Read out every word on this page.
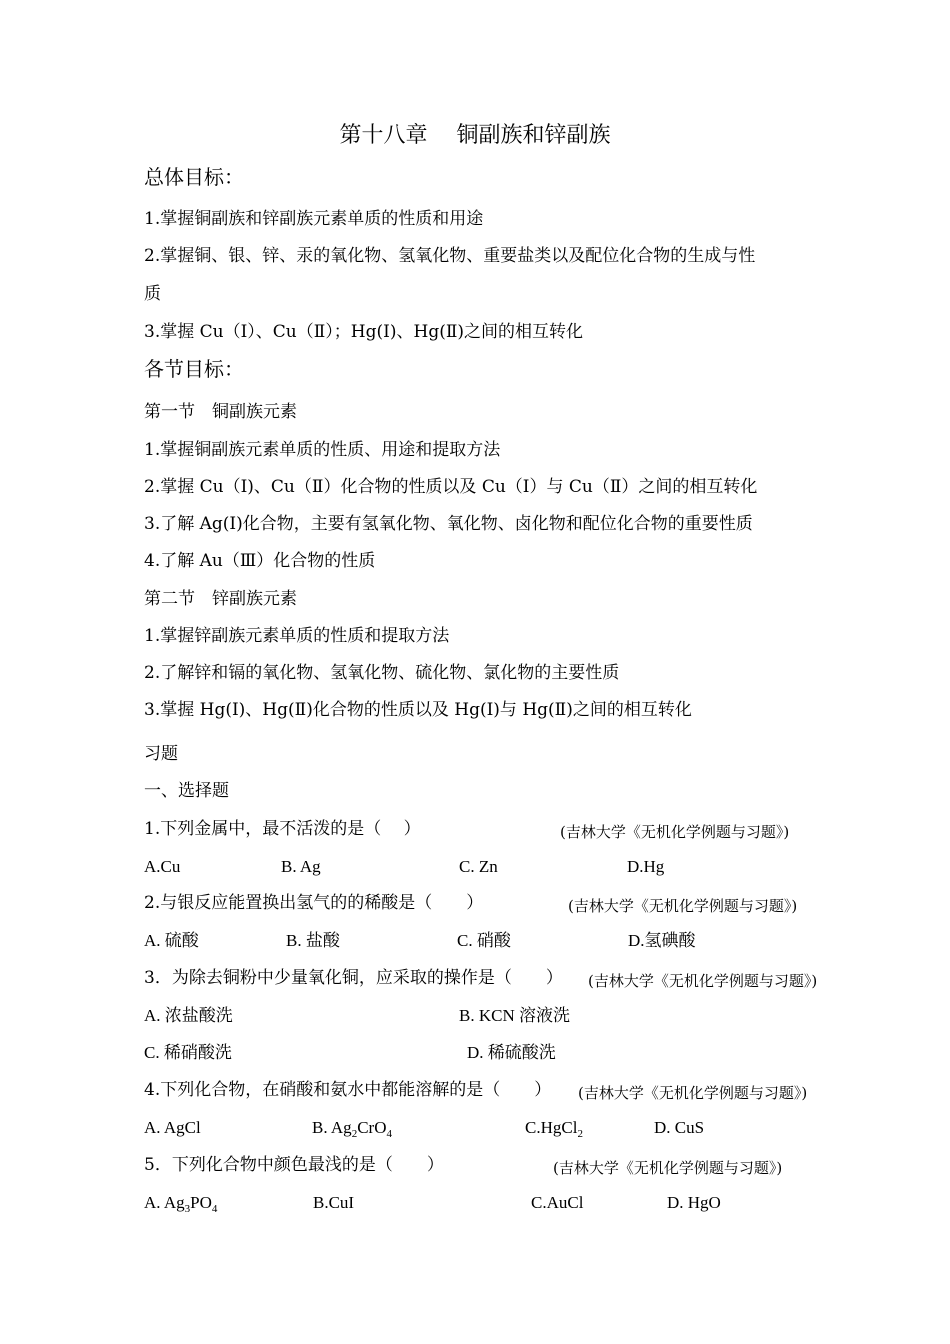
第十八章　 铜副族和锌副族
总体目标：
1.掌握铜副族和锌副族元素单质的性质和用途
2.掌握铜、银、锌、汞的氧化物、氢氧化物、重要盐类以及配位化合物的生成与性
质
3.掌握 Cu（Ⅰ）、Cu（Ⅱ）；Hg(Ⅰ)、Hg(Ⅱ)之间的相互转化
各节目标：
第一节　铜副族元素
1.掌握铜副族元素单质的性质、用途和提取方法
2.掌握 Cu（Ⅰ)、Cu（Ⅱ）化合物的性质以及 Cu（Ⅰ）与 Cu（Ⅱ）之间的相互转化
3.了解 Ag(Ⅰ)化合物，主要有氢氧化物、氧化物、卤化物和配位化合物的重要性质
4.了解 Au（Ⅲ）化合物的性质
第二节　锌副族元素
1.掌握锌副族元素单质的性质和提取方法
2.了解锌和镉的氧化物、氢氧化物、硫化物、氯化物的主要性质
3.掌握 Hg(Ⅰ)、Hg(Ⅱ)化合物的性质以及 Hg(Ⅰ)与 Hg(Ⅱ)之间的相互转化
习题
一、选择题
1.下列金属中，最不活泼的是（　 ）	(吉林大学《无机化学例题与习题》)
A.Cu	B. Ag	C. Zn	D.Hg
2.与银反应能置换出氢气的的稀酸是（　　）	(吉林大学《无机化学例题与习题》)
A. 硫酸	B. 盐酸	C. 硝酸	D.氢碘酸
3．为除去铜粉中少量氧化铜，应采取的操作是（　　） (吉林大学《无机化学例题与习题》)
A. 浓盐酸洗	B. KCN 溶液洗
C. 稀硝酸洗	D. 稀硫酸洗
4.下列化合物，在硝酸和氨水中都能溶解的是（　　） (吉林大学《无机化学例题与习题》)
A. AgCl	B. $Ag_2CrO_4$	C.HgCl$_2$	D. CuS
5．下列化合物中颜色最浅的是（　　）	(吉林大学《无机化学例题与习题》)
A. $Ag_3PO_4$	B.CuI	C.AuCl	D. HgO
